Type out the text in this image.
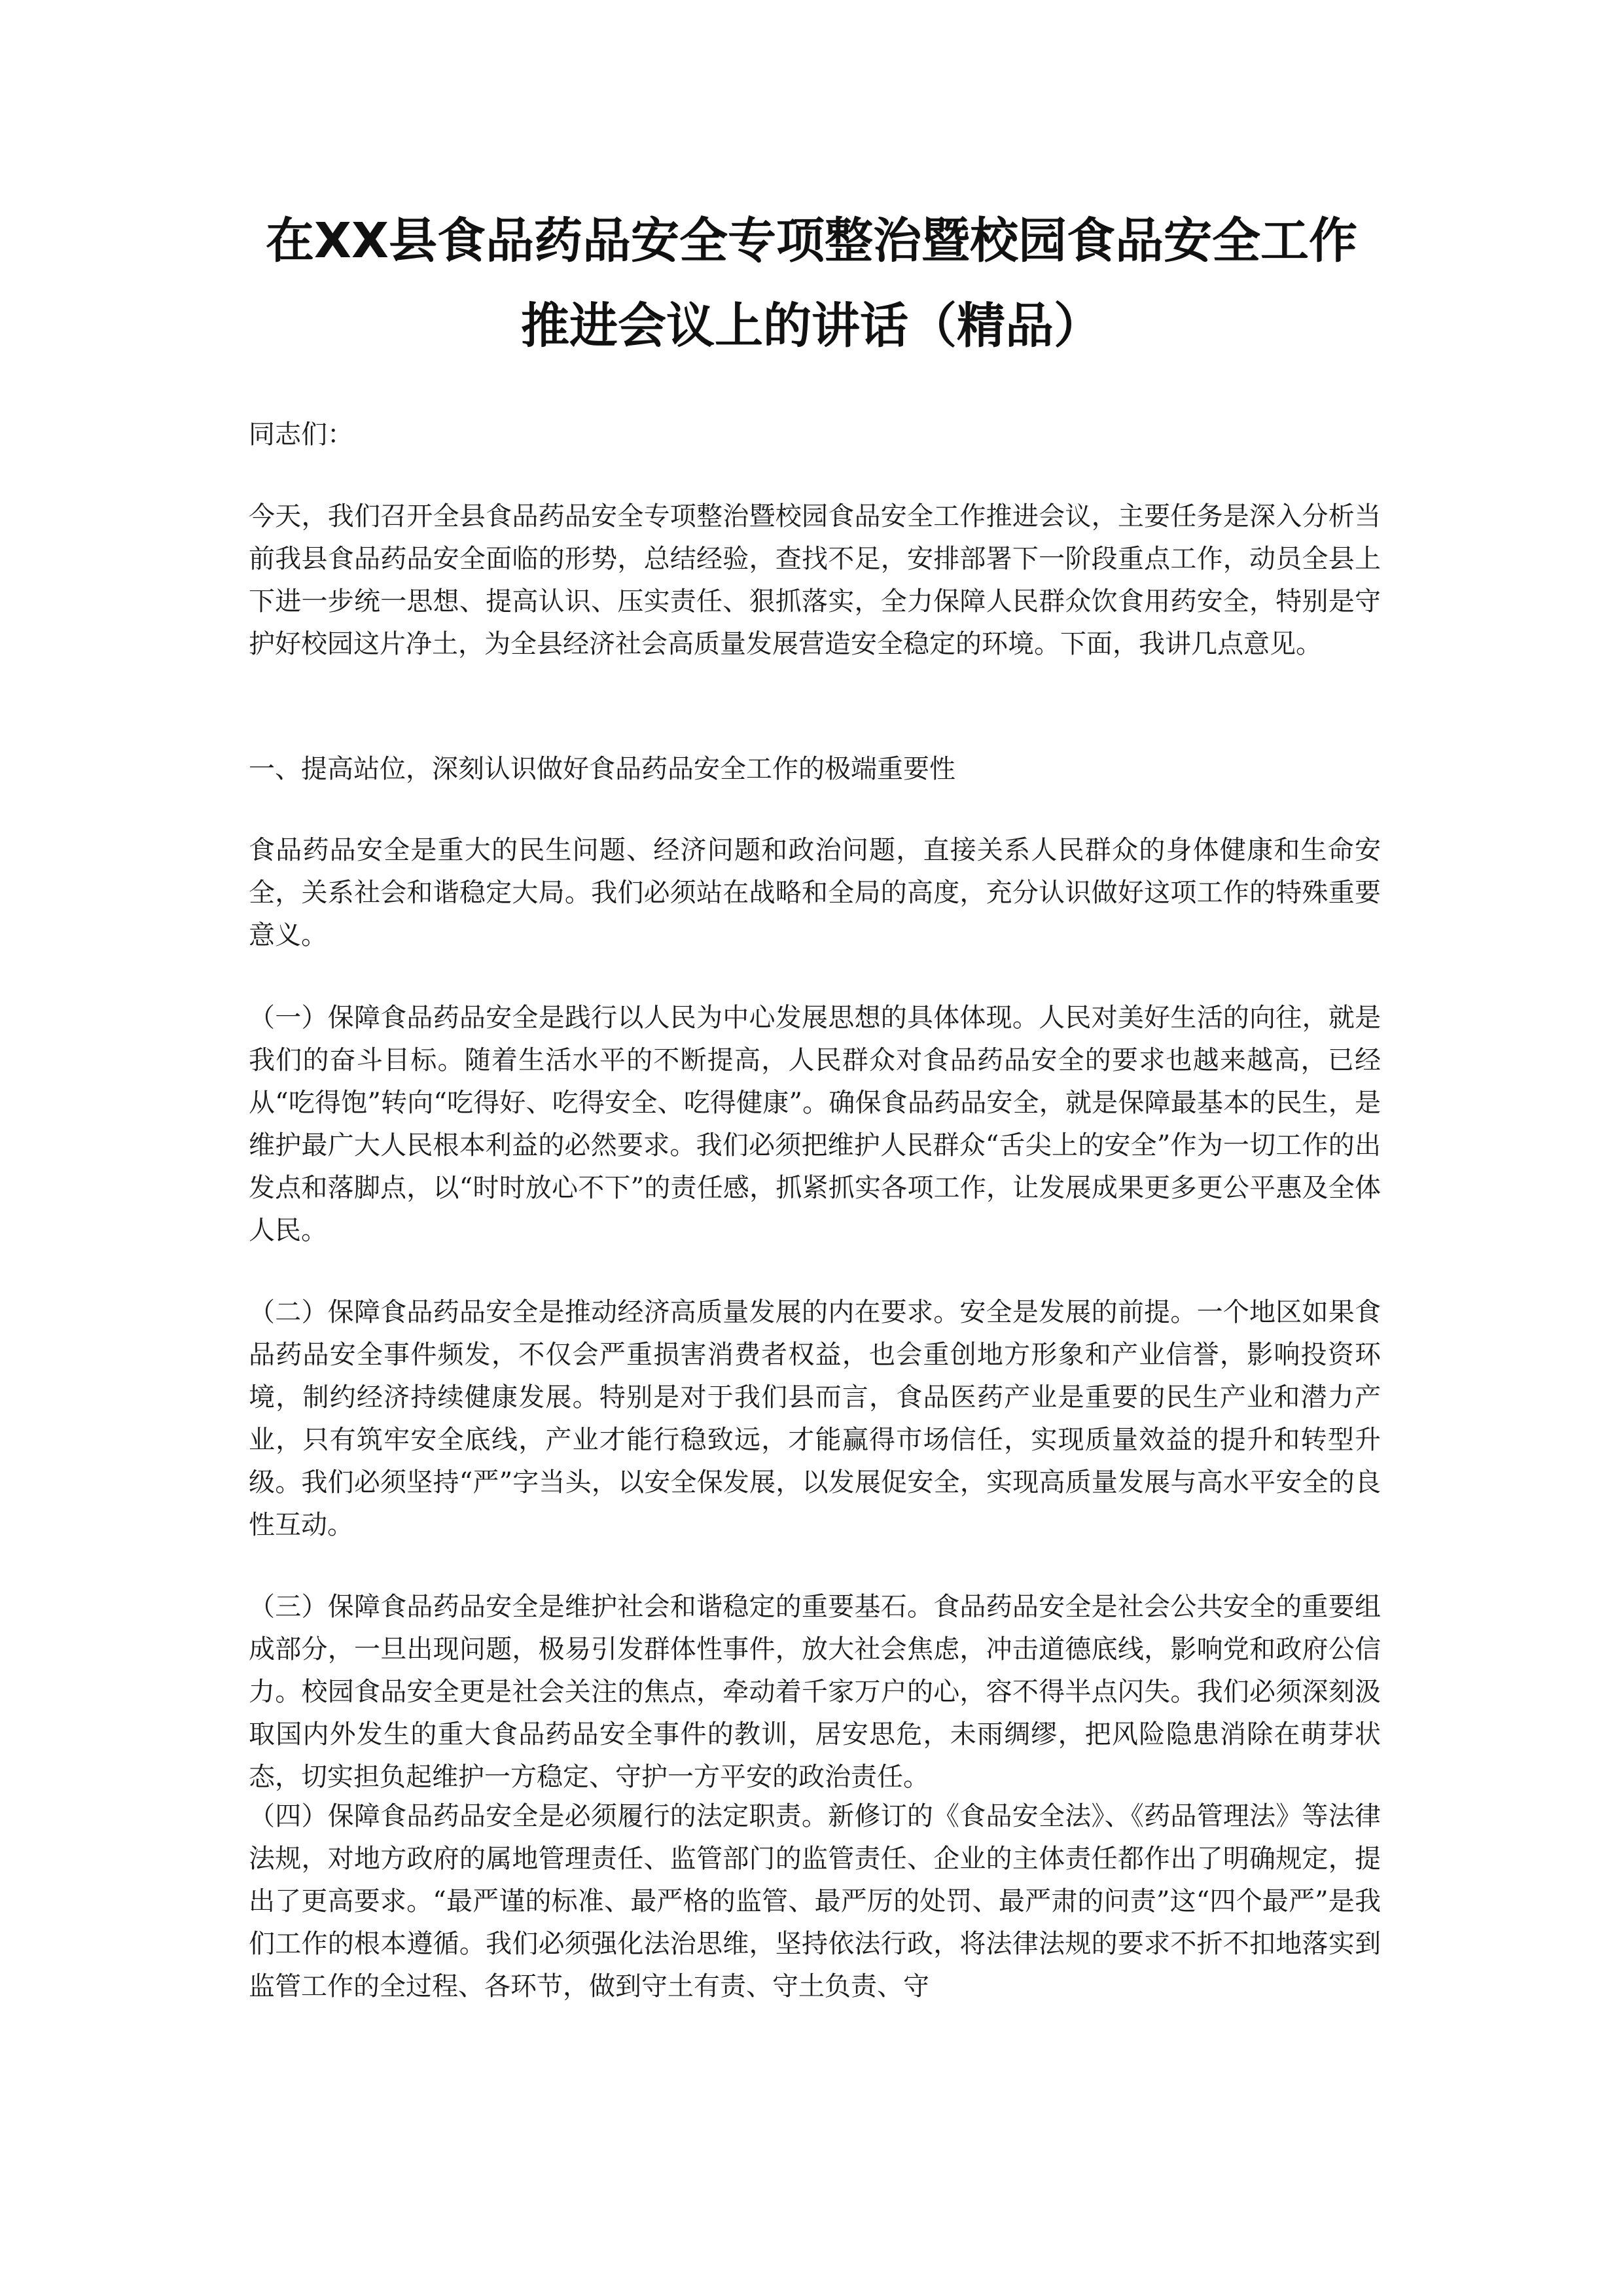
在XX县食品药品安全专项整治暨校园食品安全工作
推进会议上的讲话（精品）

同志们：

今天，我们召开全县食品药品安全专项整治暨校园食品安全工作推进会议，主要任务是深入分析当前我县食品药品安全面临的形势，总结经验，查找不足，安排部署下一阶段重点工作，动员全县上下进一步统一思想、提高认识、压实责任、狠抓落实，全力保障人民群众饮食用药安全，特别是守护好校园这片净土，为全县经济社会高质量发展营造安全稳定的环境。下面，我讲几点意见。

一、提高站位，深刻认识做好食品药品安全工作的极端重要性

食品药品安全是重大的民生问题、经济问题和政治问题，直接关系人民群众的身体健康和生命安全，关系社会和谐稳定大局。我们必须站在战略和全局的高度，充分认识做好这项工作的特殊重要意义。

（一）保障食品药品安全是践行以人民为中心发展思想的具体体现。人民对美好生活的向往，就是我们的奋斗目标。随着生活水平的不断提高，人民群众对食品药品安全的要求也越来越高，已经从“吃得饱”转向“吃得好、吃得安全、吃得健康”。确保食品药品安全，就是保障最基本的民生，是维护最广大人民根本利益的必然要求。我们必须把维护人民群众“舌尖上的安全”作为一切工作的出发点和落脚点，以“时时放心不下”的责任感，抓紧抓实各项工作，让发展成果更多更公平惠及全体人民。

（二）保障食品药品安全是推动经济高质量发展的内在要求。安全是发展的前提。一个地区如果食品药品安全事件频发，不仅会严重损害消费者权益，也会重创地方形象和产业信誉，影响投资环境，制约经济持续健康发展。特别是对于我们县而言，食品医药产业是重要的民生产业和潜力产业，只有筑牢安全底线，产业才能行稳致远，才能赢得市场信任，实现质量效益的提升和转型升级。我们必须坚持“严”字当头，以安全保发展，以发展促安全，实现高质量发展与高水平安全的良性互动。

（三）保障食品药品安全是维护社会和谐稳定的重要基石。食品药品安全是社会公共安全的重要组成部分，一旦出现问题，极易引发群体性事件，放大社会焦虑，冲击道德底线，影响党和政府公信力。校园食品安全更是社会关注的焦点，牵动着千家万户的心，容不得半点闪失。我们必须深刻汲取国内外发生的重大食品药品安全事件的教训，居安思危，未雨绸缪，把风险隐患消除在萌芽状态，切实担负起维护一方稳定、守护一方平安的政治责任。

（四）保障食品药品安全是必须履行的法定职责。新修订的《食品安全法》、《药品管理法》等法律法规，对地方政府的属地管理责任、监管部门的监管责任、企业的主体责任都作出了明确规定，提出了更高要求。“最严谨的标准、最严格的监管、最严厉的处罚、最严肃的问责”这“四个最严”是我们工作的根本遵循。我们必须强化法治思维，坚持依法行政，将法律法规的要求不折不扣地落实到监管工作的全过程、各环节，做到守土有责、守土负责、守
